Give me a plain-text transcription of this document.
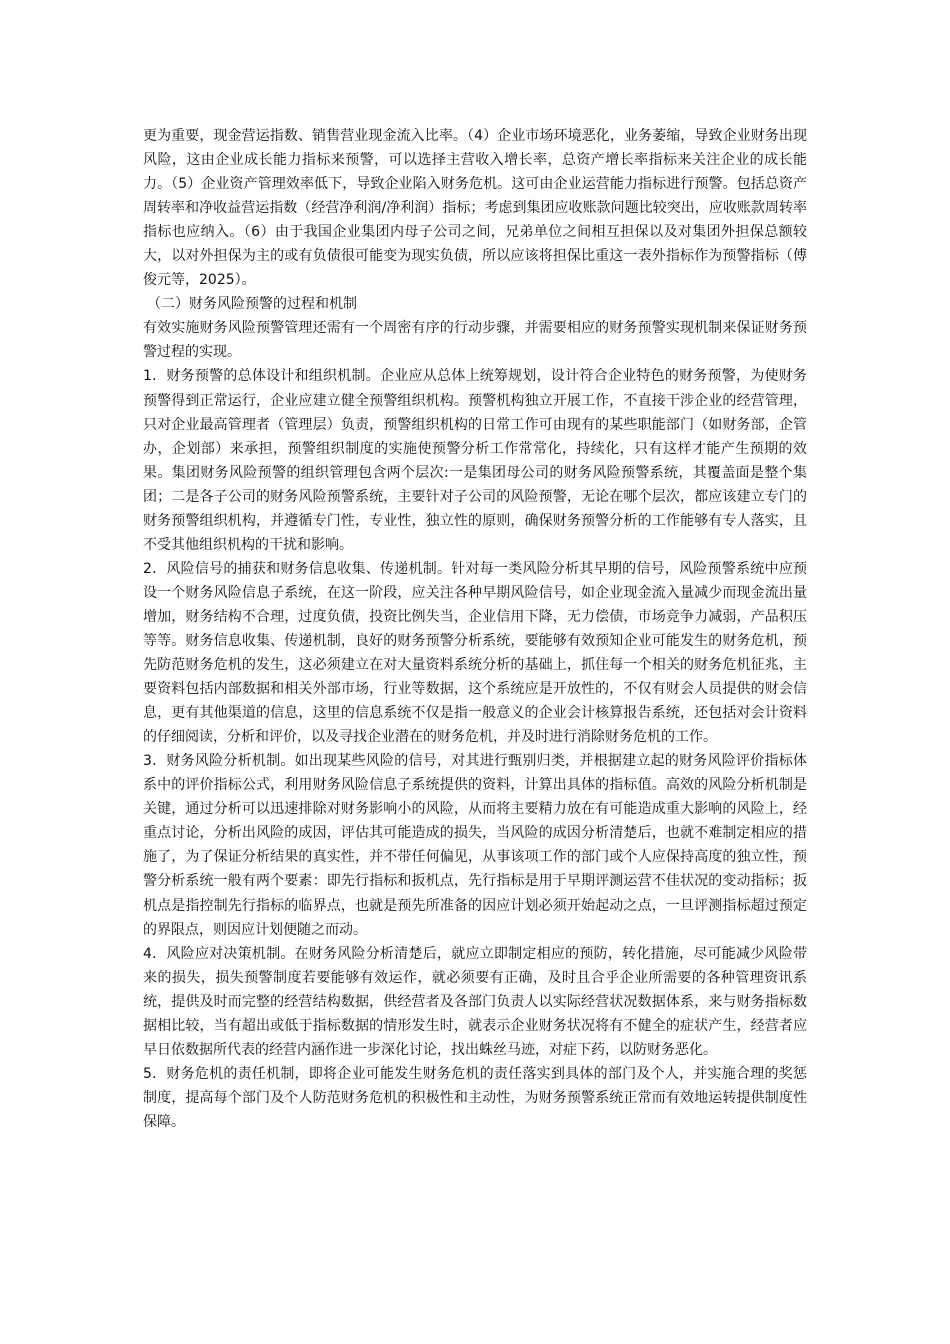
更为重要，现金营运指数、销售营业现金流入比率。（4）企业市场环境恶化，业务萎缩，导致企业财务出现风险，这由企业成长能力指标来预警，可以选择主营收入增长率，总资产增长率指标来关注企业的成长能力。（5）企业资产管理效率低下，导致企业陷入财务危机。这可由企业运营能力指标进行预警。包括总资产周转率和净收益营运指数（经营净利润/净利润）指标；考虑到集团应收账款问题比较突出，应收账款周转率指标也应纳入。（6）由于我国企业集团内母子公司之间，兄弟单位之间相互担保以及对集团外担保总额较大，以对外担保为主的或有负债很可能变为现实负债，所以应该将担保比重这一表外指标作为预警指标（傅俊元等，2025）。

（二）财务风险预警的过程和机制

有效实施财务风险预警管理还需有一个周密有序的行动步骤，并需要相应的财务预警实现机制来保证财务预警过程的实现。

1．财务预警的总体设计和组织机制。企业应从总体上统筹规划，设计符合企业特色的财务预警，为使财务预警得到正常运行，企业应建立健全预警组织机构。预警机构独立开展工作，不直接干涉企业的经营管理，只对企业最高管理者（管理层）负责，预警组织机构的日常工作可由现有的某些职能部门（如财务部，企管办，企划部）来承担，预警组织制度的实施使预警分析工作常常化，持续化，只有这样才能产生预期的效果。集团财务风险预警的组织管理包含两个层次:一是集团母公司的财务风险预警系统，其覆盖面是整个集团；二是各子公司的财务风险预警系统，主要针对子公司的风险预警，无论在哪个层次，都应该建立专门的财务预警组织机构，并遵循专门性，专业性，独立性的原则，确保财务预警分析的工作能够有专人落实，且不受其他组织机构的干扰和影响。

2．风险信号的捕获和财务信息收集、传递机制。针对每一类风险分析其早期的信号，风险预警系统中应预设一个财务风险信息子系统，在这一阶段，应关注各种早期风险信号，如企业现金流入量减少而现金流出量增加，财务结构不合理，过度负债，投资比例失当，企业信用下降，无力偿债，市场竞争力减弱，产品积压等等。财务信息收集、传递机制，良好的财务预警分析系统，要能够有效预知企业可能发生的财务危机，预先防范财务危机的发生，这必须建立在对大量资料系统分析的基础上，抓住每一个相关的财务危机征兆，主要资料包括内部数据和相关外部市场，行业等数据，这个系统应是开放性的，不仅有财会人员提供的财会信息，更有其他渠道的信息，这里的信息系统不仅是指一般意义的企业会计核算报告系统，还包括对会计资料的仔细阅读，分析和评价，以及寻找企业潜在的财务危机，并及时进行消除财务危机的工作。

3．财务风险分析机制。如出现某些风险的信号，对其进行甄别归类，并根据建立起的财务风险评价指标体系中的评价指标公式，利用财务风险信息子系统提供的资料，计算出具体的指标值。高效的风险分析机制是关键，通过分析可以迅速排除对财务影响小的风险，从而将主要精力放在有可能造成重大影响的风险上，经重点讨论，分析出风险的成因，评估其可能造成的损失，当风险的成因分析清楚后，也就不难制定相应的措施了，为了保证分析结果的真实性，并不带任何偏见，从事该项工作的部门或个人应保持高度的独立性，预警分析系统一般有两个要素：即先行指标和扳机点，先行指标是用于早期评测运营不佳状况的变动指标；扳机点是指控制先行指标的临界点，也就是预先所准备的因应计划必须开始起动之点，一旦评测指标超过预定的界限点，则因应计划便随之而动。

4．风险应对决策机制。在财务风险分析清楚后，就应立即制定相应的预防，转化措施，尽可能减少风险带来的损失，损失预警制度若要能够有效运作，就必须要有正确，及时且合乎企业所需要的各种管理资讯系统，提供及时而完整的经营结构数据，供经营者及各部门负责人以实际经营状况数据体系，来与财务指标数据相比较，当有超出或低于指标数据的情形发生时，就表示企业财务状况将有不健全的症状产生，经营者应早日依数据所代表的经营内涵作进一步深化讨论，找出蛛丝马迹，对症下药，以防财务恶化。

5．财务危机的责任机制，即将企业可能发生财务危机的责任落实到具体的部门及个人，并实施合理的奖惩制度，提高每个部门及个人防范财务危机的积极性和主动性，为财务预警系统正常而有效地运转提供制度性保障。
